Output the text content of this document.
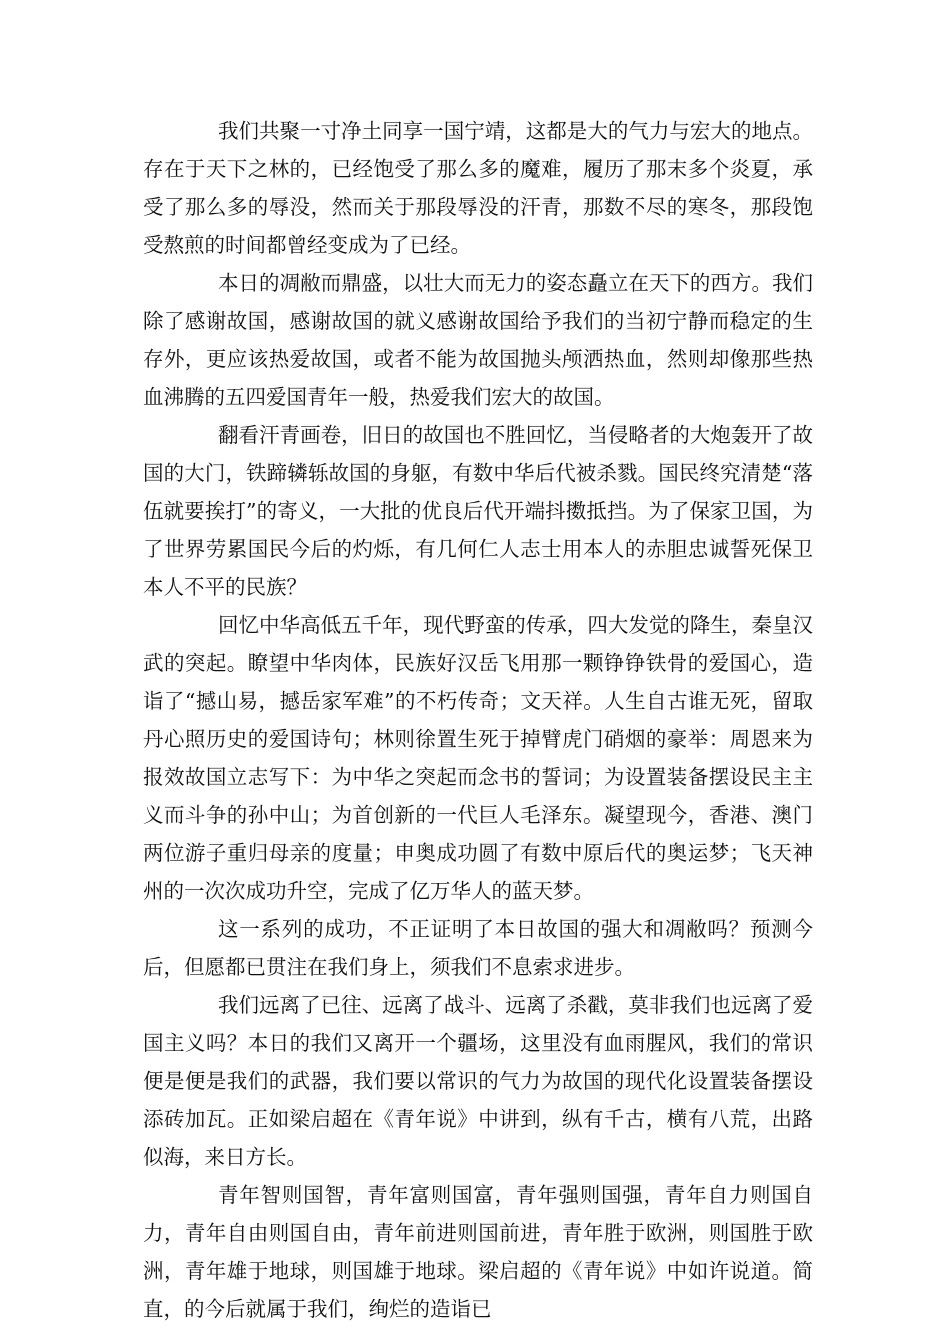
我们共聚一寸净土同享一国宁靖，这都是大的气力与宏大的地点。存在于天下之林的，已经饱受了那么多的魔难，履历了那末多个炎夏，承受了那么多的辱没，然而关于那段辱没的汗青，那数不尽的寒冬，那段饱受熬煎的时间都曾经变成为了已经。

本日的凋敝而鼎盛，以壮大而无力的姿态矗立在天下的西方。我们除了感谢故国，感谢故国的就义感谢故国给予我们的当初宁静而稳定的生存外，更应该热爱故国，或者不能为故国抛头颅洒热血，然则却像那些热血沸腾的五四爱国青年一般，热爱我们宏大的故国。

翻看汗青画卷，旧日的故国也不胜回忆，当侵略者的大炮轰开了故国的大门，铁蹄辚轹故国的身躯，有数中华后代被杀戮。国民终究清楚“落伍就要挨打”的寄义，一大批的优良后代开端抖擞抵挡。为了保家卫国，为了世界劳累国民今后的灼烁，有几何仁人志士用本人的赤胆忠诚誓死保卫本人不平的民族？

回忆中华高低五千年，现代野蛮的传承，四大发觉的降生，秦皇汉武的突起。瞭望中华肉体，民族好汉岳飞用那一颗铮铮铁骨的爱国心，造诣了“撼山易，撼岳家军难”的不朽传奇；文天祥。人生自古谁无死，留取丹心照历史的爱国诗句；林则徐置生死于掉臂虎门硝烟的豪举：周恩来为报效故国立志写下：为中华之突起而念书的誓词；为设置装备摆设民主主义而斗争的孙中山；为首创新的一代巨人毛泽东。凝望现今，香港、澳门两位游子重归母亲的度量；申奥成功圆了有数中原后代的奥运梦；飞天神州的一次次成功升空，完成了亿万华人的蓝天梦。

这一系列的成功，不正证明了本日故国的强大和凋敝吗？预测今后，但愿都已贯注在我们身上，须我们不息索求进步。

我们远离了已往、远离了战斗、远离了杀戳，莫非我们也远离了爱国主义吗？本日的我们又离开一个疆场，这里没有血雨腥风，我们的常识便是便是我们的武器，我们要以常识的气力为故国的现代化设置装备摆设添砖加瓦。正如梁启超在《青年说》中讲到，纵有千古，横有八荒，出路似海，来日方长。

青年智则国智，青年富则国富，青年强则国强，青年自力则国自力，青年自由则国自由，青年前进则国前进，青年胜于欧洲，则国胜于欧洲，青年雄于地球，则国雄于地球。梁启超的《青年说》中如许说道。简直，的今后就属于我们，绚烂的造诣已
